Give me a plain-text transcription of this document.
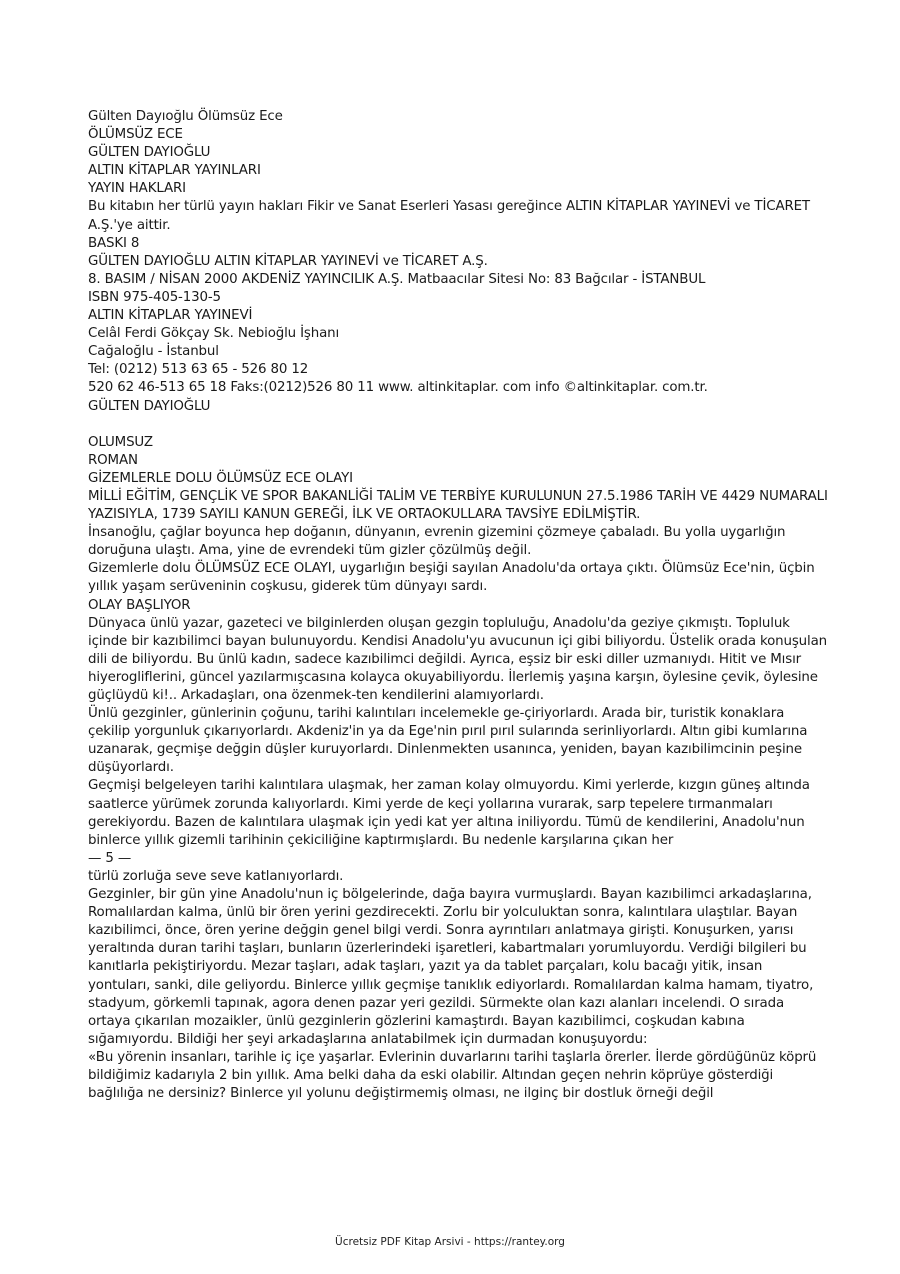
Gülten Dayıoğlu Ölümsüz Ece

ÖLÜMSÜZ ECE

GÜLTEN DAYIOĞLU

ALTIN KİTAPLAR YAYINLARI

YAYIN HAKLARI

Bu kitabın her türlü yayın hakları Fikir ve Sanat Eserleri Yasası gereğince ALTIN KİTAPLAR YAYINEVİ ve TİCARET A.Ş.'ye aittir.

BASKI 8

GÜLTEN DAYIOĞLU ALTIN KİTAPLAR YAYINEVİ ve TİCARET A.Ş.

8. BASIM / NİSAN 2000 AKDENİZ YAYINCILIK A.Ş. Matbaacılar Sitesi No: 83 Bağcılar - İSTANBUL

ISBN 975-405-130-5

ALTIN KİTAPLAR YAYINEVİ

Celâl Ferdi Gökçay Sk. Nebioğlu İşhanı

Cağaloğlu - İstanbul

Tel: (0212) 513 63 65 - 526 80 12

520 62 46-513 65 18 Faks:(0212)526 80 11 www. altinkitaplar. com info ©altinkitaplar. com.tr.

GÜLTEN DAYIOĞLU

OLUMSUZ

ROMAN

GİZEMLERLE DOLU ÖLÜMSÜZ ECE OLAYI

MİLLİ EĞİTİM, GENÇLİK VE SPOR BAKANLİĞİ TALİM VE TERBİYE KURULUNUN 27.5.1986 TARİH VE 4429 NUMARALI YAZISIYLA, 1739 SAYILI KANUN GEREĞİ, İLK VE ORTAOKULLARA TAVSİYE EDİLMİŞTİR.

İnsanoğlu, çağlar boyunca hep doğanın, dünyanın, evrenin gizemini çözmeye çabaladı. Bu yolla uygarlığın doruğuna ulaştı. Ama, yine de evrendeki tüm gizler çözülmüş değil.

Gizemlerle dolu ÖLÜMSÜZ ECE OLAYI, uygarlığın beşiği sayılan Anadolu'da ortaya çıktı. Ölümsüz Ece'nin, üçbin yıllık yaşam serüveninin coşkusu, giderek tüm dünyayı sardı.

OLAY BAŞLIYOR

Dünyaca ünlü yazar, gazeteci ve bilginlerden oluşan gezgin topluluğu, Anadolu'da geziye çıkmıştı. Topluluk içinde bir kazıbilimci bayan bulunuyordu. Kendisi Anadolu'yu avucunun içi gibi biliyordu. Üstelik orada konuşulan dili de biliyordu. Bu ünlü kadın, sadece kazıbilimci değildi. Ayrıca, eşsiz bir eski diller uzmanıydı. Hitit ve Mısır hiyerogliflerini, güncel yazılarmışcasına kolayca okuyabiliyordu. İlerlemiş yaşına karşın, öylesine çevik, öylesine güçlüydü ki!.. Arkadaşları, ona özenmek-ten kendilerini alamıyorlardı.

Ünlü gezginler, günlerinin çoğunu, tarihi kalıntıları incelemekle ge-çiriyorlardı. Arada bir, turistik konaklara çekilip yorgunluk çıkarıyorlardı. Akdeniz'in ya da Ege'nin pırıl pırıl sularında serinliyorlardı. Altın gibi kumlarına uzanarak, geçmişe değgin düşler kuruyorlardı. Dinlenmekten usanınca, yeniden, bayan kazıbilimcinin peşine düşüyorlardı.

Geçmişi belgeleyen tarihi kalıntılara ulaşmak, her zaman kolay olmuyordu. Kimi yerlerde, kızgın güneş altında saatlerce yürümek zorunda kalıyorlardı. Kimi yerde de keçi yollarına vurarak, sarp tepelere tırmanmaları gerekiyordu. Bazen de kalıntılara ulaşmak için yedi kat yer altına iniliyordu. Tümü de kendilerini, Anadolu'nun binlerce yıllık gizemli tarihinin çekiciliğine kaptırmışlardı. Bu nedenle karşılarına çıkan her

— 5 —

türlü zorluğa seve seve katlanıyorlardı.

Gezginler, bir gün yine Anadolu'nun iç bölgelerinde, dağa bayıra vurmuşlardı. Bayan kazıbilimci arkadaşlarına, Romalılardan kalma, ünlü bir ören yerini gezdirecekti. Zorlu bir yolculuktan sonra, kalıntılara ulaştılar. Bayan kazıbilimci, önce, ören yerine değgin genel bilgi verdi. Sonra ayrıntıları anlatmaya girişti. Konuşurken, yarısı yeraltında duran tarihi taşları, bunların üzerlerindeki işaretleri, kabartmaları yorumluyordu. Verdiği bilgileri bu kanıtlarla pekiştiriyordu. Mezar taşları, adak taşları, yazıt ya da tablet parçaları, kolu bacağı yitik, insan yontuları, sanki, dile geliyordu. Binlerce yıllık geçmişe tanıklık ediyorlardı. Romalılardan kalma hamam, tiyatro, stadyum, görkemli tapınak, agora denen pazar yeri gezildi. Sürmekte olan kazı alanları incelendi. O sırada ortaya çıkarılan mozaikler, ünlü gezginlerin gözlerini kamaştırdı. Bayan kazıbilimci, coşkudan kabına sığamıyordu. Bildiği her şeyi arkadaşlarına anlatabilmek için durmadan konuşuyordu:

«Bu yörenin insanları, tarihle iç içe yaşarlar. Evlerinin duvarlarını tarihi taşlarla örerler. İlerde gördüğünüz köprü bildiğimiz kadarıyla 2 bin yıllık. Ama belki daha da eski olabilir. Altından geçen nehrin köprüye gösterdiği bağlılığa ne dersiniz? Binlerce yıl yolunu değiştirmemiş olması, ne ilginç bir dostluk örneği değil

Ücretsiz PDF Kitap Arsivi - https://rantey.org
